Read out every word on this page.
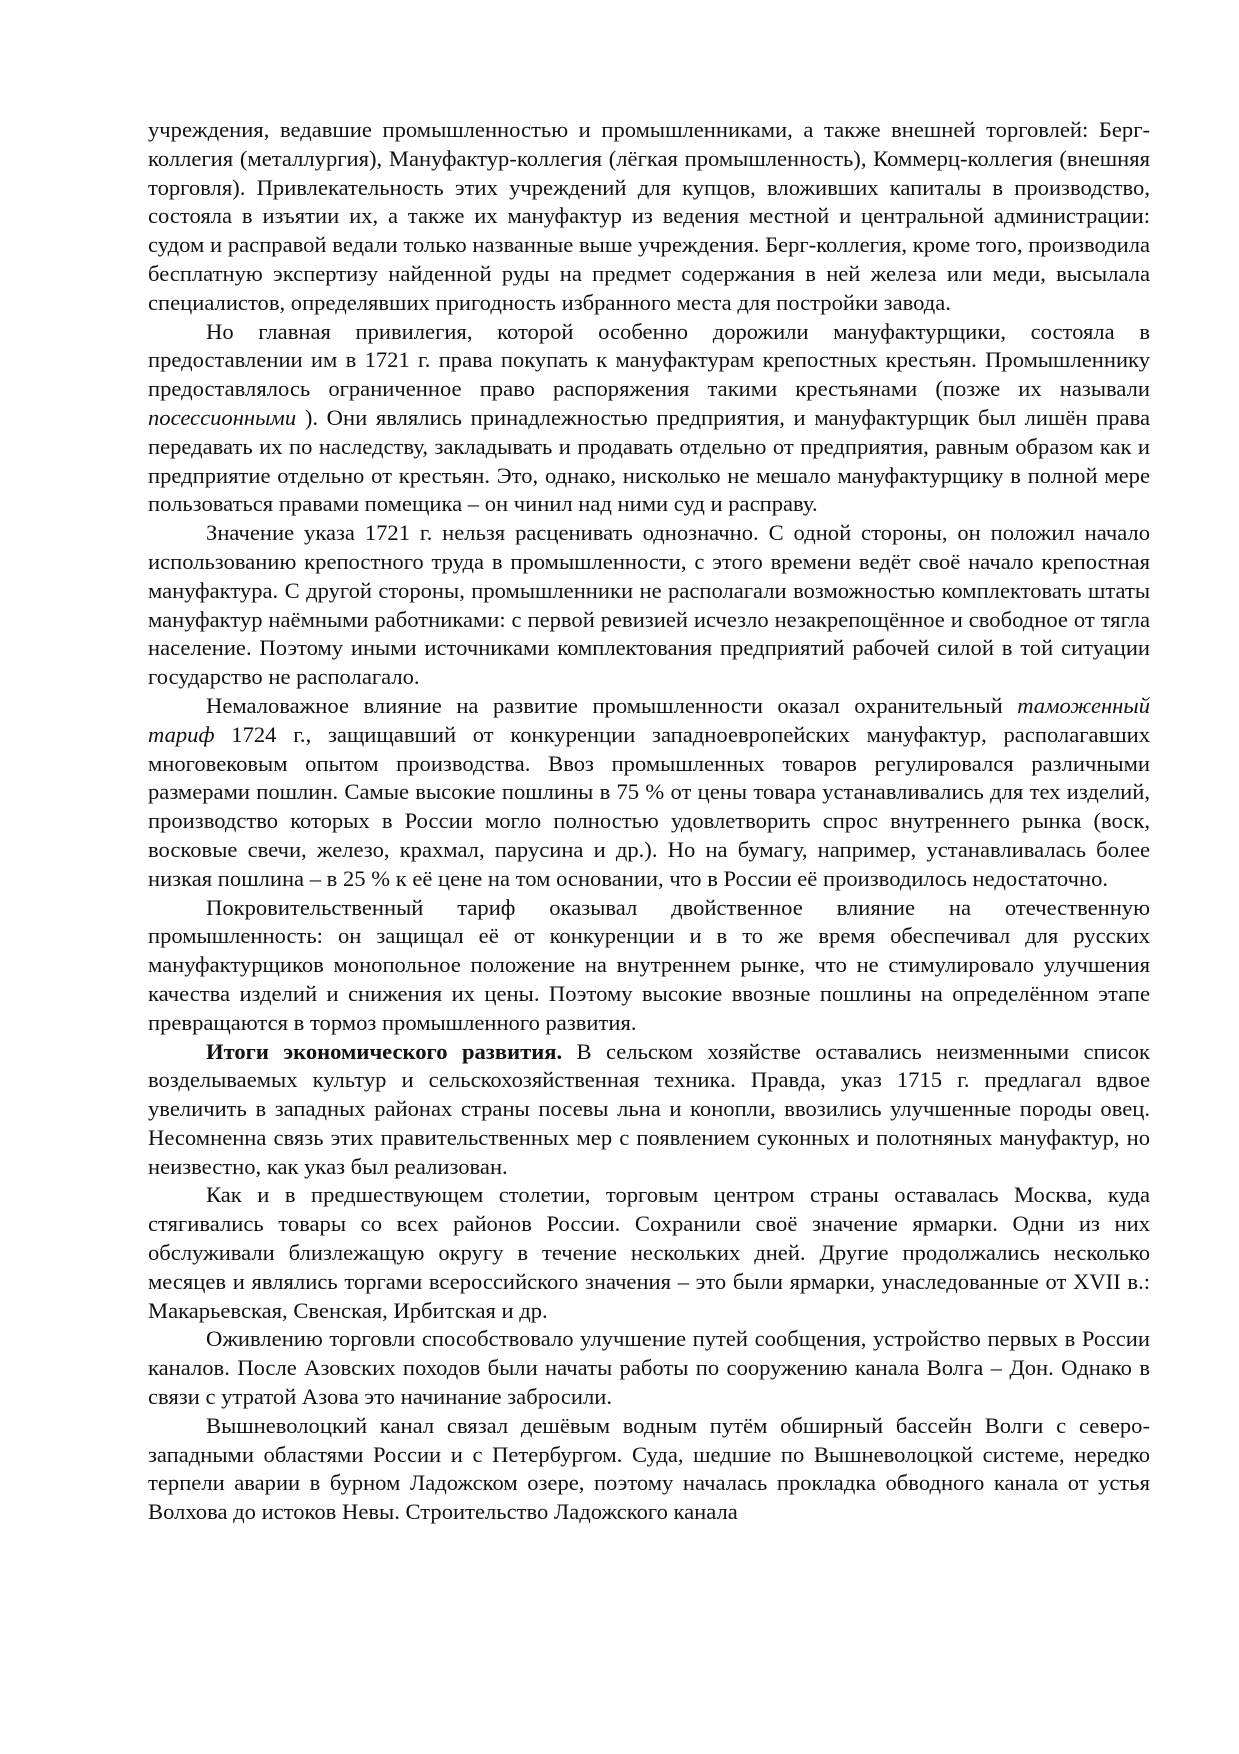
учреждения, ведавшие промышленностью и промышленниками, а также внешней торговлей: Берг-коллегия (металлургия), Мануфактур-коллегия (лёгкая промышленность), Коммерц-коллегия (внешняя торговля). Привлекательность этих учреждений для купцов, вложивших капиталы в производство, состояла в изъятии их, а также их мануфактур из ведения местной и центральной администрации: судом и расправой ведали только названные выше учреждения. Берг-коллегия, кроме того, производила бесплатную экспертизу найденной руды на предмет содержания в ней железа или меди, высылала специалистов, определявших пригодность избранного места для постройки завода.

Но главная привилегия, которой особенно дорожили мануфактурщики, состояла в предоставлении им в 1721 г. права покупать к мануфактурам крепостных крестьян. Промышленнику предоставлялось ограниченное право распоряжения такими крестьянами (позже их называли посессионными ). Они являлись принадлежностью предприятия, и мануфактурщик был лишён права передавать их по наследству, закладывать и продавать отдельно от предприятия, равным образом как и предприятие отдельно от крестьян. Это, однако, нисколько не мешало мануфактурщику в полной мере пользоваться правами помещика – он чинил над ними суд и расправу.

Значение указа 1721 г. нельзя расценивать однозначно. С одной стороны, он положил начало использованию крепостного труда в промышленности, с этого времени ведёт своё начало крепостная мануфактура. С другой стороны, промышленники не располагали возможностью комплектовать штаты мануфактур наёмными работниками: с первой ревизией исчезло незакрепощённое и свободное от тягла население. Поэтому иными источниками комплектования предприятий рабочей силой в той ситуации государство не располагало.

Немаловажное влияние на развитие промышленности оказал охранительный таможенный тариф 1724 г., защищавший от конкуренции западноевропейских мануфактур, располагавших многовековым опытом производства. Ввоз промышленных товаров регулировался различными размерами пошлин. Самые высокие пошлины в 75 % от цены товара устанавливались для тех изделий, производство которых в России могло полностью удовлетворить спрос внутреннего рынка (воск, восковые свечи, железо, крахмал, парусина и др.). Но на бумагу, например, устанавливалась более низкая пошлина – в 25 % к её цене на том основании, что в России её производилось недостаточно.

Покровительственный тариф оказывал двойственное влияние на отечественную промышленность: он защищал её от конкуренции и в то же время обеспечивал для русских мануфактурщиков монопольное положение на внутреннем рынке, что не стимулировало улучшения качества изделий и снижения их цены. Поэтому высокие ввозные пошлины на определённом этапе превращаются в тормоз промышленного развития.

Итоги экономического развития. В сельском хозяйстве оставались неизменными список возделываемых культур и сельскохозяйственная техника. Правда, указ 1715 г. предлагал вдвое увеличить в западных районах страны посевы льна и конопли, ввозились улучшенные породы овец. Несомненна связь этих правительственных мер с появлением суконных и полотняных мануфактур, но неизвестно, как указ был реализован.

Как и в предшествующем столетии, торговым центром страны оставалась Москва, куда стягивались товары со всех районов России. Сохранили своё значение ярмарки. Одни из них обслуживали близлежащую округу в течение нескольких дней. Другие продолжались несколько месяцев и являлись торгами всероссийского значения – это были ярмарки, унаследованные от XVII в.: Макарьевская, Свенская, Ирбитская и др.

Оживлению торговли способствовало улучшение путей сообщения, устройство первых в России каналов. После Азовских походов были начаты работы по сооружению канала Волга – Дон. Однако в связи с утратой Азова это начинание забросили.

Вышневолоцкий канал связал дешёвым водным путём обширный бассейн Волги с северо-западными областями России и с Петербургом. Суда, шедшие по Вышневолоцкой системе, нередко терпели аварии в бурном Ладожском озере, поэтому началась прокладка обводного канала от устья Волхова до истоков Невы. Строительство Ладожского канала
